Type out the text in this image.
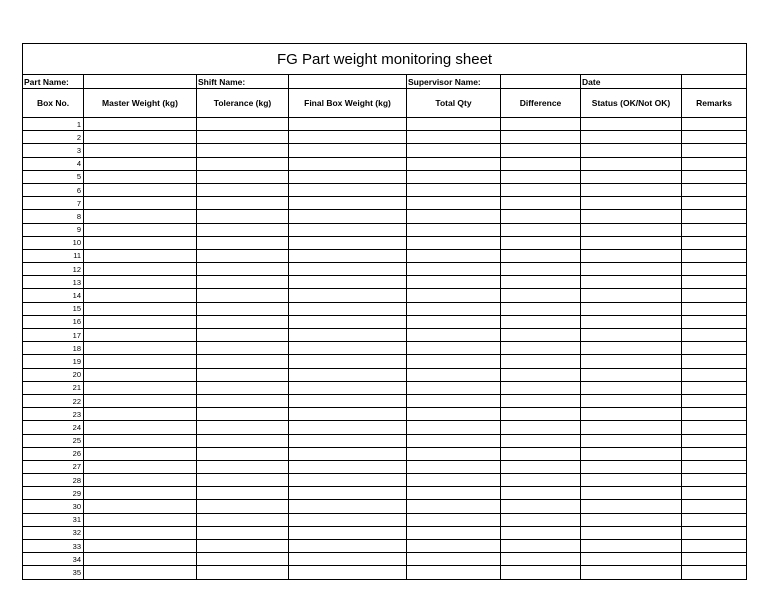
FG Part weight monitoring sheet							
Part Name:		Shift Name:		Supervisor Name:		Date	
Box No.	Master Weight (kg)	Tolerance (kg)	Final Box Weight (kg)	Total Qty	Difference	Status (OK/Not OK)	Remarks
1							
2							
3							
4							
5							
6							
7							
8							
9							
10							
11							
12							
13							
14							
15							
16							
17							
18							
19							
20							
21							
22							
23							
24							
25							
26							
27							
28							
29							
30							
31							
32							
33							
34							
35							
